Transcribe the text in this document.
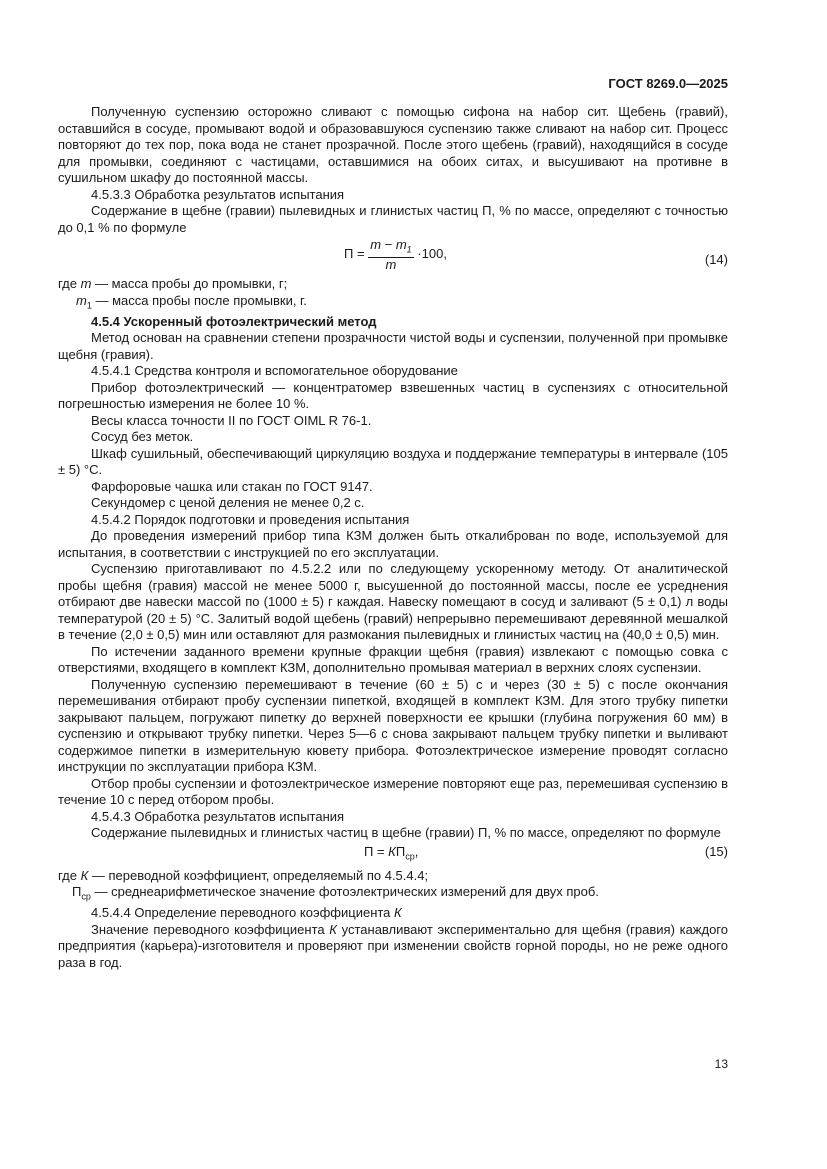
ГОСТ 8269.0—2025

Полученную суспензию осторожно сливают с помощью сифона на набор сит. Щебень (гравий), оставшийся в сосуде, промывают водой и образовавшуюся суспензию также сливают на набор сит. Процесс повторяют до тех пор, пока вода не станет прозрачной. После этого щебень (гравий), находящийся в сосуде для промывки, соединяют с частицами, оставшимися на обоих ситах, и высушивают на противне в сушильном шкафу до постоянной массы.

4.5.3.3 Обработка результатов испытания

Содержание в щебне (гравии) пылевидных и глинистых частиц П, % по массе, определяют с точностью до 0,1 % по формуле

$П = \frac{m - m_1}{m} \cdot 100$,	(14)

где m — масса пробы до промывки, г;

$m_1$ — масса пробы после промывки, г.

4.5.4 Ускоренный фотоэлектрический метод

Метод основан на сравнении степени прозрачности чистой воды и суспензии, полученной при промывке щебня (гравия).

4.5.4.1 Средства контроля и вспомогательное оборудование

Прибор фотоэлектрический — концентратомер взвешенных частиц в суспензиях с относительной погрешностью измерения не более 10 %.

Весы класса точности II по ГОСТ OIML R 76-1.

Сосуд без меток.

Шкаф сушильный, обеспечивающий циркуляцию воздуха и поддержание температуры в интервале (105 ± 5) °С.

Фарфоровые чашка или стакан по ГОСТ 9147.

Секундомер с ценой деления не менее 0,2 с.

4.5.4.2 Порядок подготовки и проведения испытания

До проведения измерений прибор типа КЗМ должен быть откалиброван по воде, используемой для испытания, в соответствии с инструкцией по его эксплуатации.

Суспензию приготавливают по 4.5.2.2 или по следующему ускоренному методу. От аналитической пробы щебня (гравия) массой не менее 5000 г, высушенной до постоянной массы, после ее усреднения отбирают две навески массой по (1000 ± 5) г каждая. Навеску помещают в сосуд и заливают (5 ± 0,1) л воды температурой (20 ± 5) °С. Залитый водой щебень (гравий) непрерывно перемешивают деревянной мешалкой в течение (2,0 ± 0,5) мин или оставляют для размокания пылевидных и глинистых частиц на (40,0 ± 0,5) мин.

По истечении заданного времени крупные фракции щебня (гравия) извлекают с помощью совка с отверстиями, входящего в комплект КЗМ, дополнительно промывая материал в верхних слоях суспензии.

Полученную суспензию перемешивают в течение (60 ± 5) с и через (30 ± 5) с после окончания перемешивания отбирают пробу суспензии пипеткой, входящей в комплект КЗМ. Для этого трубку пипетки закрывают пальцем, погружают пипетку до верхней поверхности ее крышки (глубина погружения 60 мм) в суспензию и открывают трубку пипетки. Через 5—6 с снова закрывают пальцем трубку пипетки и выливают содержимое пипетки в измерительную кювету прибора. Фотоэлектрическое измерение проводят согласно инструкции по эксплуатации прибора КЗМ.

Отбор пробы суспензии и фотоэлектрическое измерение повторяют еще раз, перемешивая суспензию в течение 10 с перед отбором пробы.

4.5.4.3 Обработка результатов испытания

Содержание пылевидных и глинистых частиц в щебне (гравии) П, % по массе, определяют по формуле

$П = КП_{ср}$,	(15)

где К — переводной коэффициент, определяемый по 4.5.4.4;

$П_{ср}$ — среднеарифметическое значение фотоэлектрических измерений для двух проб.

4.5.4.4 Определение переводного коэффициента К

Значение переводного коэффициента К устанавливают экспериментально для щебня (гравия) каждого предприятия (карьера)-изготовителя и проверяют при изменении свойств горной породы, но не реже одного раза в год.

13
